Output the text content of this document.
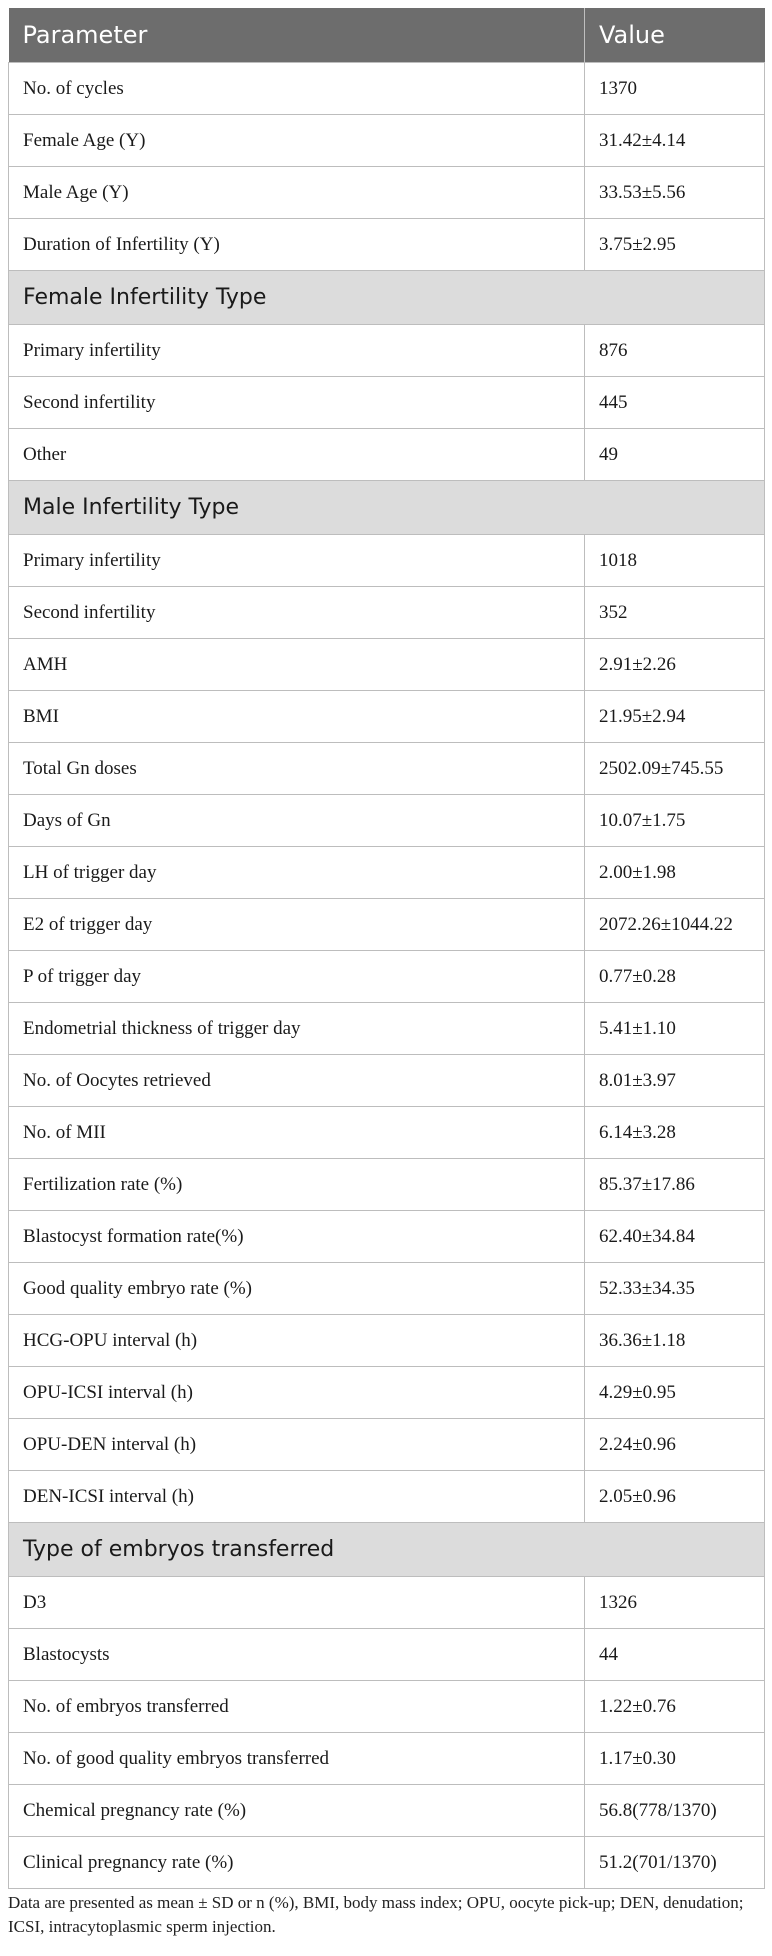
Parameter	Value
No. of cycles	1370
Female Age (Y)	31.42±4.14
Male Age (Y)	33.53±5.56
Duration of Infertility (Y)	3.75±2.95
Female Infertility Type	
Primary infertility	876
Second infertility	445
Other	49
Male Infertility Type	
Primary infertility	1018
Second infertility	352
AMH	2.91±2.26
BMI	21.95±2.94
Total Gn doses	2502.09±745.55
Days of Gn	10.07±1.75
LH of trigger day	2.00±1.98
E2 of trigger day	2072.26±1044.22
P of trigger day	0.77±0.28
Endometrial thickness of trigger day	5.41±1.10
No. of Oocytes retrieved	8.01±3.97
No. of MII	6.14±3.28
Fertilization rate (%)	85.37±17.86
Blastocyst formation rate(%)	62.40±34.84
Good quality embryo rate (%)	52.33±34.35
HCG-OPU interval (h)	36.36±1.18
OPU-ICSI interval (h)	4.29±0.95
OPU-DEN interval (h)	2.24±0.96
DEN-ICSI interval (h)	2.05±0.96
Type of embryos transferred	
D3	1326
Blastocysts	44
No. of embryos transferred	1.22±0.76
No. of good quality embryos transferred	1.17±0.30
Chemical pregnancy rate (%)	56.8(778/1370)
Clinical pregnancy rate (%)	51.2(701/1370)
Data are presented as mean ± SD or n (%), BMI, body mass index; OPU, oocyte pick-up; DEN, denudation; ICSI, intracytoplasmic sperm injection.
